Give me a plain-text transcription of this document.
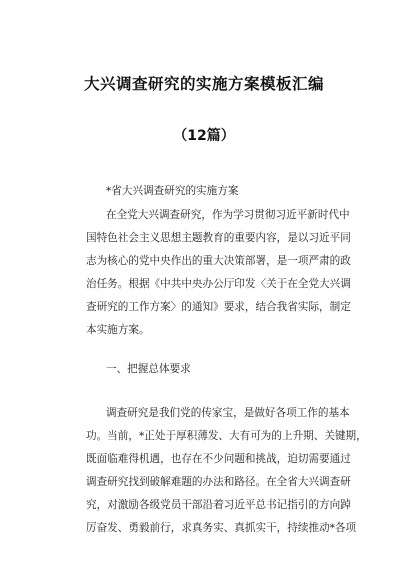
大兴调查研究的实施方案模板汇编
（12篇）
*省大兴调查研究的实施方案
在全党大兴调查研究，作为学习贯彻习近平新时代中
国特色社会主义思想主题教育的重要内容，是以习近平同
志为核心的党中央作出的重大决策部署，是一项严肃的政
治任务。根据《中共中央办公厅印发〈关于在全党大兴调
查研究的工作方案〉的通知》要求，结合我省实际，制定
本实施方案。
一、把握总体要求
调查研究是我们党的传家宝，是做好各项工作的基本
功。当前，*正处于厚积薄发、大有可为的上升期、关键期，
既面临难得机遇，也存在不少问题和挑战，迫切需要通过
调查研究找到破解难题的办法和路径。在全省大兴调查研
究，对激励各级党员干部沿着习近平总书记指引的方向踔
厉奋发、勇毅前行，求真务实、真抓实干，持续推动*各项
